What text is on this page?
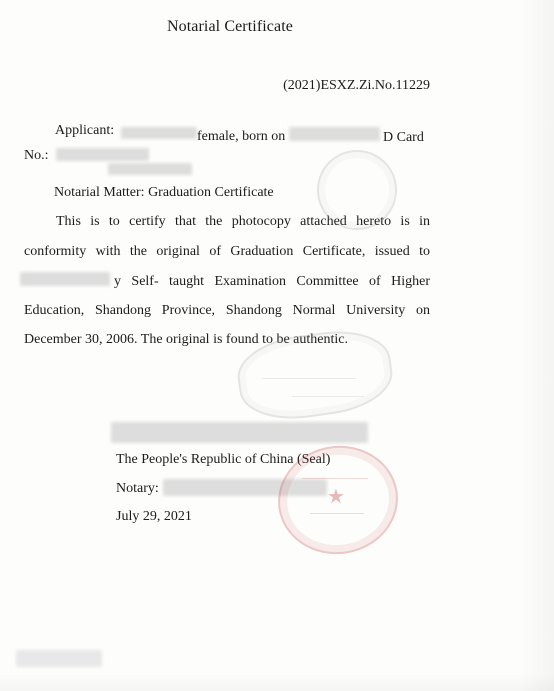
Notarial Certificate
(2021)ESXZ.Zi.No.11229
Applicant:	female, born on	D Card
No.:
Notarial Matter: Graduation Certificate
This is to certify that the photocopy attached hereto is in
conformity with the original of Graduation Certificate, issued to
y Self- taught Examination Committee of Higher
Education, Shandong Province, Shandong Normal University on
December 30, 2006. The original is found to be authentic.
The People's Republic of China (Seal)
Notary:
July 29, 2021
★
